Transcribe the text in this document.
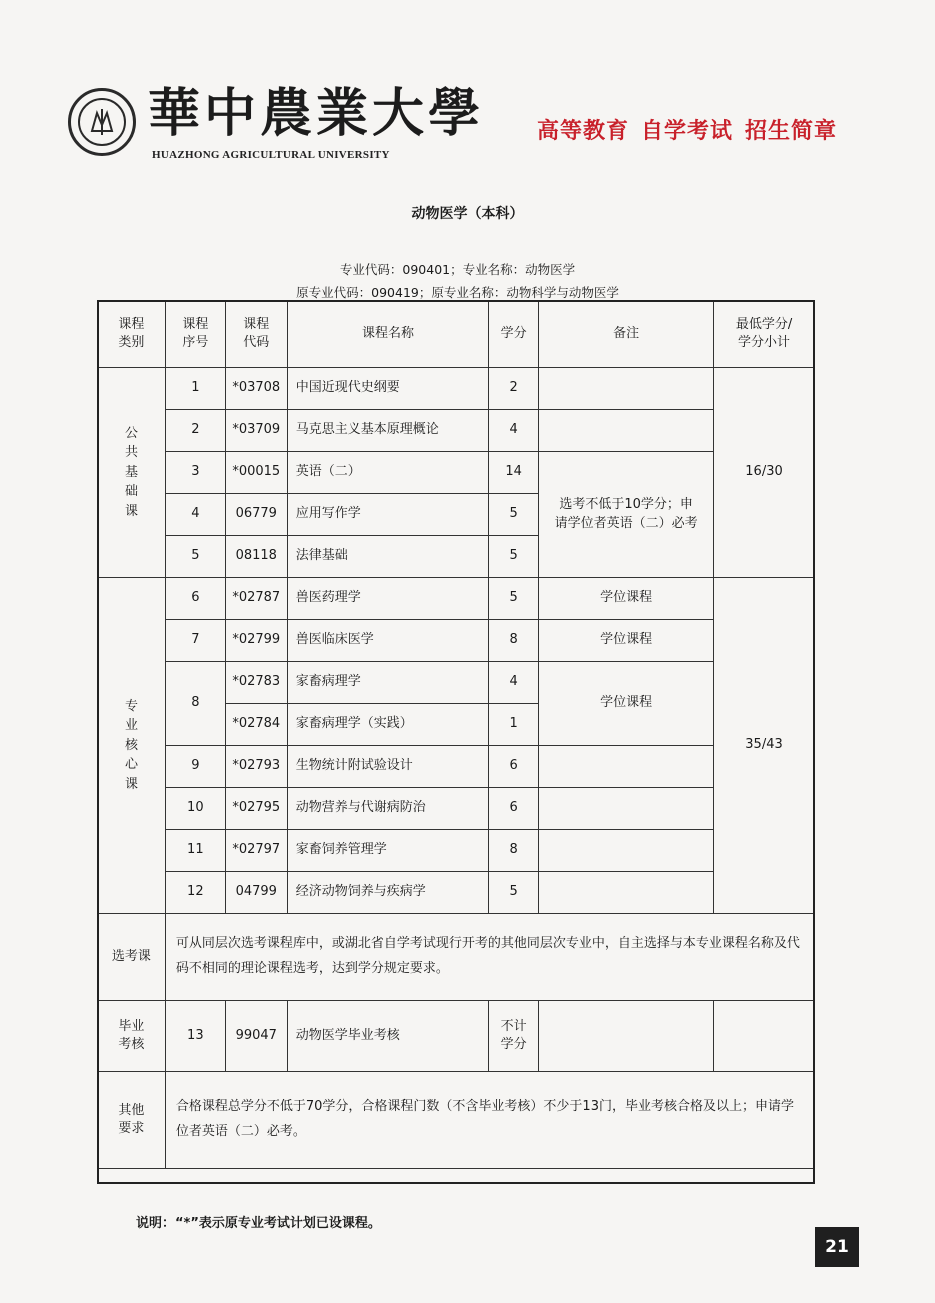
華中農業大學
HUAZHONG AGRICULTURAL UNIVERSITY
高等教育 自学考试 招生简章
动物医学（本科）
专业代码：090401；专业名称：动物医学
原专业代码：090419；原专业名称：动物科学与动物医学
课程类别	课程序号	课程代码	课程名称	学分	备注	最低学分/学分小计
公共基础课	1	*03708	中国近现代史纲要	2		16/30
	2	*03709	马克思主义基本原理概论	4		
	3	*00015	英语（二）	14	选考不低于10学分；申请学位者英语（二）必考	
	4	06779	应用写作学	5		
	5	08118	法律基础	5		
专业核心课	6	*02787	兽医药理学	5	学位课程	35/43
	7	*02799	兽医临床医学	8	学位课程	
	8	*02783	家畜病理学	4	学位课程	
		*02784	家畜病理学（实践）	1		
	9	*02793	生物统计附试验设计	6		
	10	*02795	动物营养与代谢病防治	6		
	11	*02797	家畜饲养管理学	8		
	12	04799	经济动物饲养与疾病学	5		
选考课	可从同层次选考课程库中，或湖北省自学考试现行开考的其他同层次专业中，自主选择与本专业课程名称及代码不相同的理论课程选考，达到学分规定要求。					
毕业考核	13	99047	动物医学毕业考核	不计学分		
其他要求	合格课程总学分不低于70学分，合格课程门数（不含毕业考核）不少于13门，毕业考核合格及以上；申请学位者英语（二）必考。					
说明：“*”表示原专业考试计划已设课程。
21
